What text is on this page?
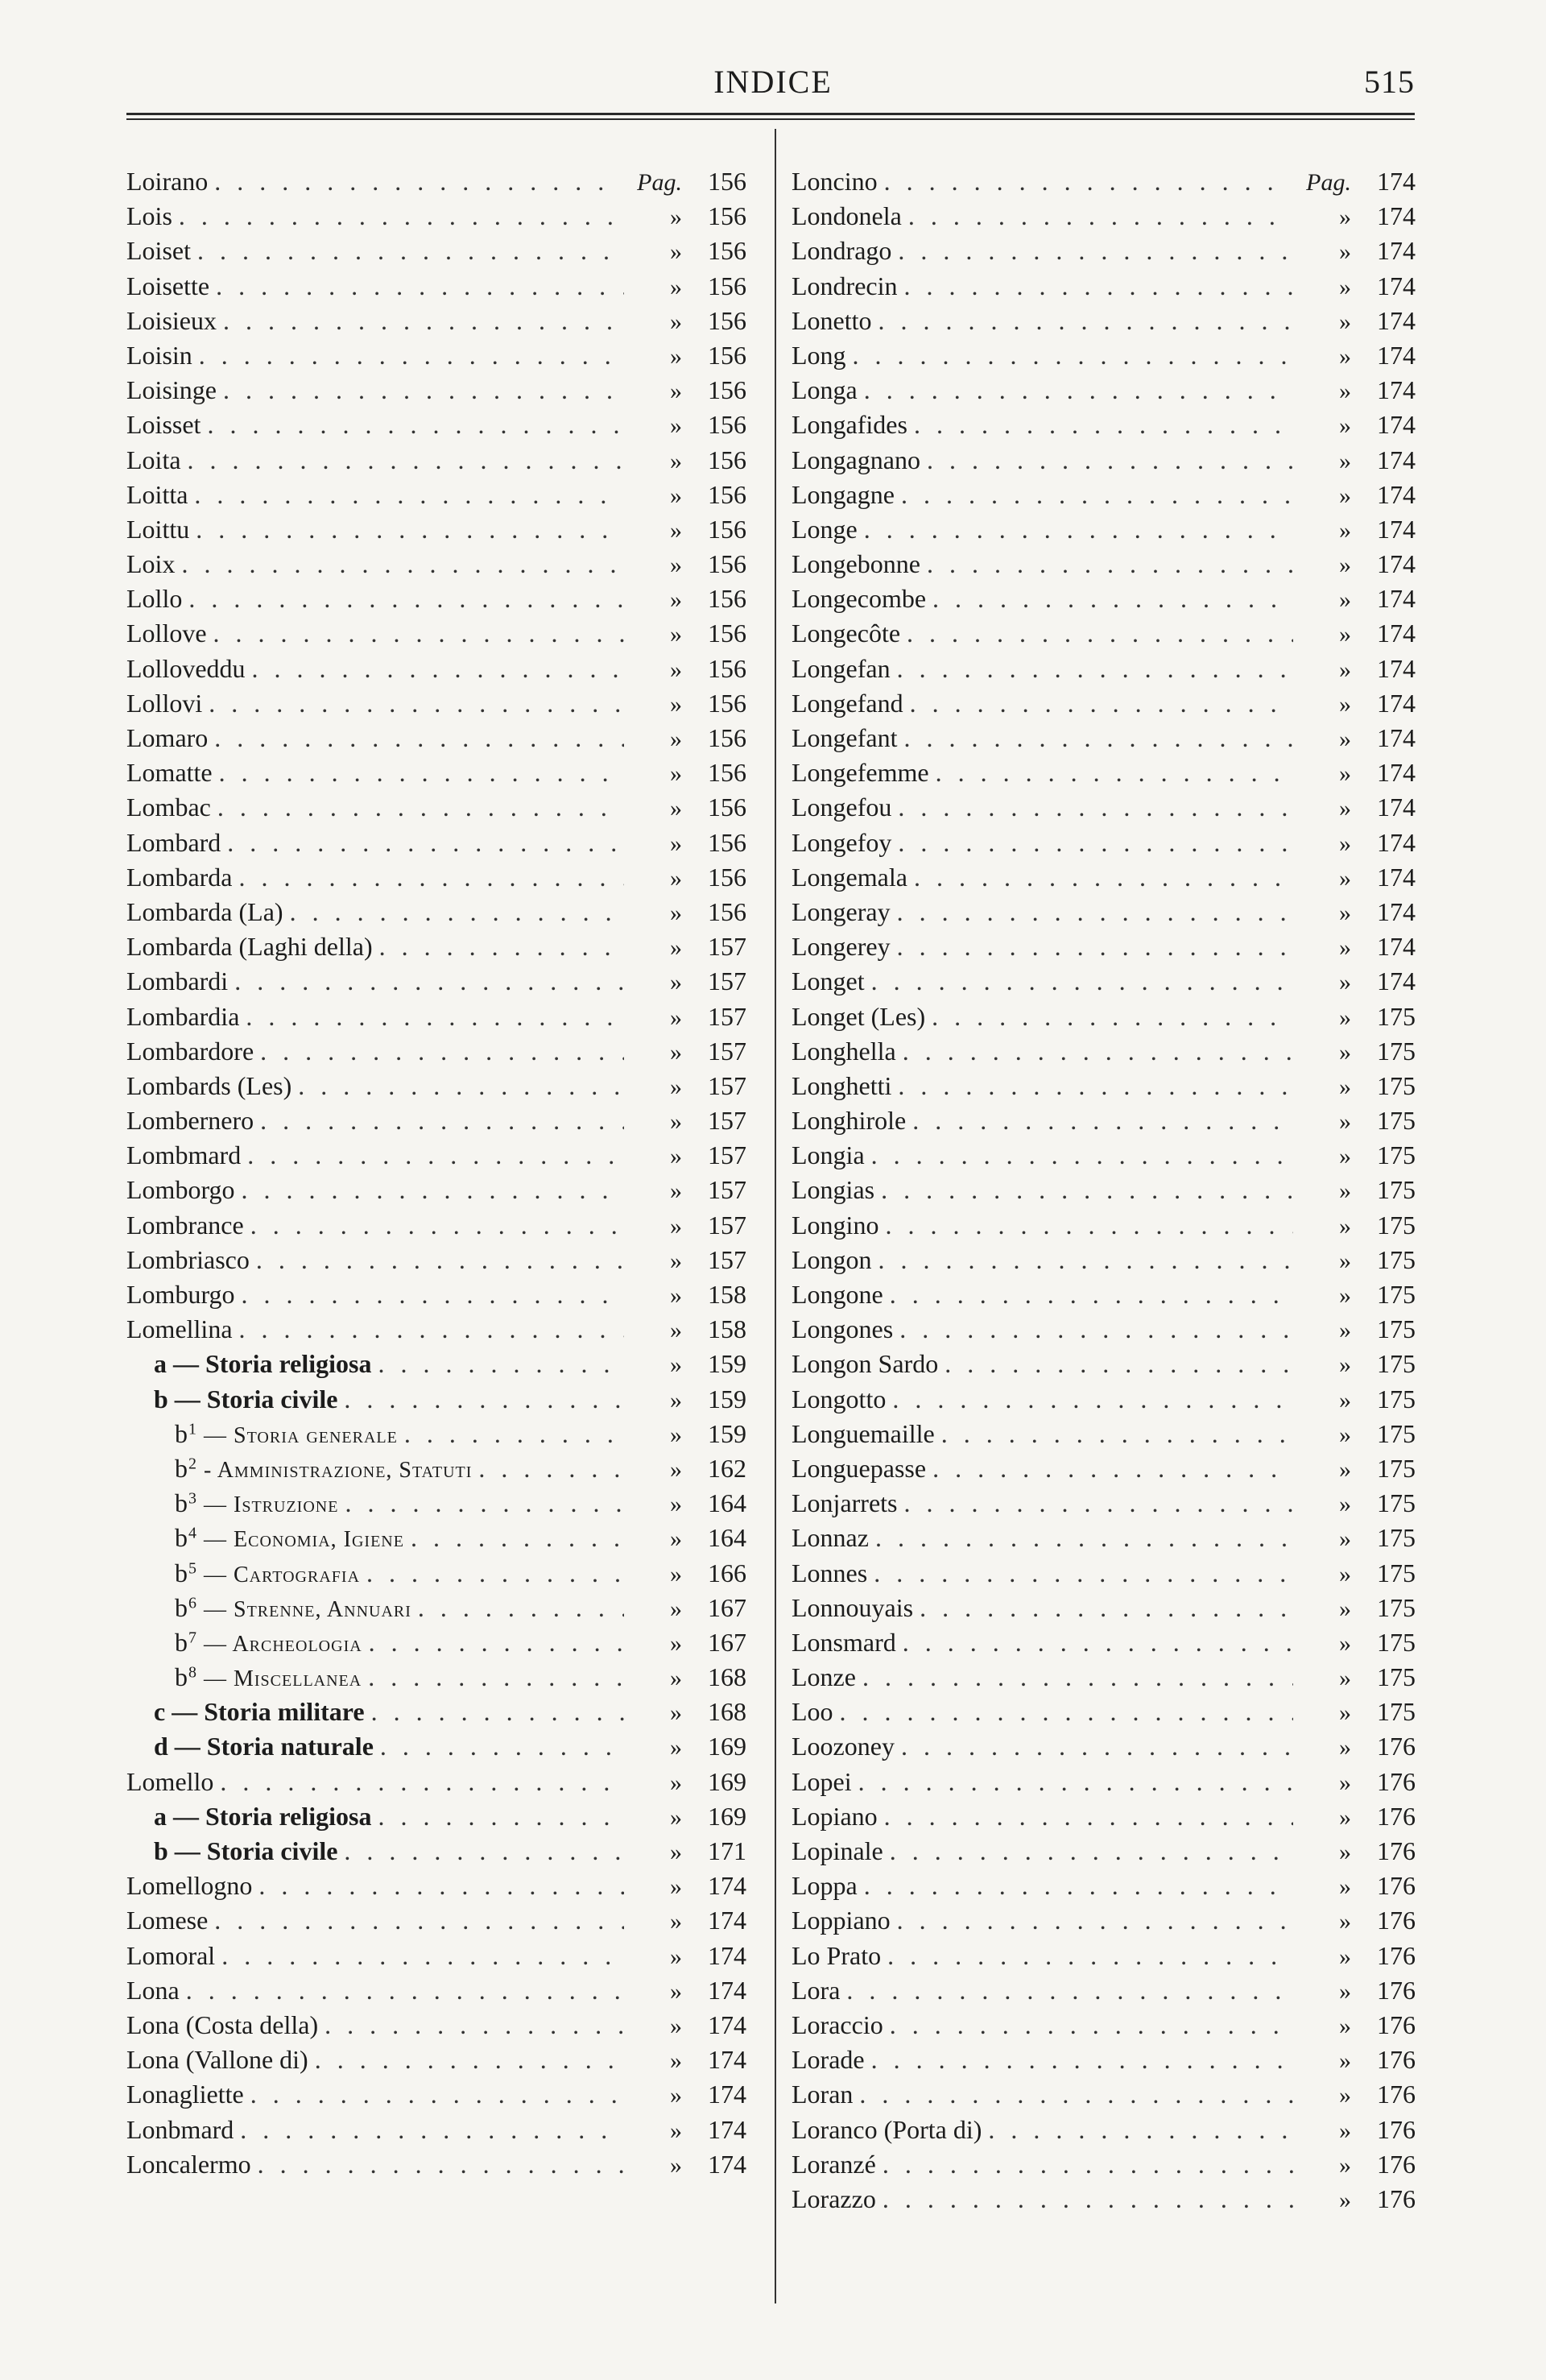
INDICE	515
Loirano . . .	Pag.	156
Lois . . .	»	156
Loiset . . .	»	156
Loisette . . .	»	156
Loisieux . . .	»	156
Loisin . . .	»	156
Loisinge . . .	»	156
Loisset . . .	»	156
Loita . . .	»	156
Loitta . . .	»	156
Loittu . . .	»	156
Loix . . .	»	156
Lollo . . .	»	156
Lollove . . .	»	156
Lolloveddu . . .	»	156
Lollovi . . .	»	156
Lomaro . . .	»	156
Lomatte . . .	»	156
Lombac . . .	»	156
Lombard . . .	»	156
Lombarda . . .	»	156
Lombarda (La) . . .	»	156
Lombarda (Laghi della) . . .	»	157
Lombardi . . .	»	157
Lombardia . . .	»	157
Lombardore . . .	»	157
Lombards (Les) . . .	»	157
Lombernero . . .	»	157
Lombmard . . .	»	157
Lomborgo . . .	»	157
Lombrance . . .	»	157
Lombriasco . . .	»	157
Lomburgo . . .	»	158
Lomellina . . .	»	158
a — Storia religiosa . . .	»	159
b — Storia civile . . .	»	159
$b^1$ — Storia generale . . .	»	159
$b^2$ - Amministrazione, Statuti . . .	»	162
$b^3$ — Istruzione . . .	»	164
$b^4$ — Economia, Igiene . . .	»	164
$b^5$ — Cartografia . . .	»	166
$b^6$ — Strenne, Annuari . . .	»	167
$b^7$ — Archeologia . . .	»	167
$b^8$ — Miscellanea . . .	»	168
c — Storia militare . . .	»	168
d — Storia naturale . . .	»	169
Lomello . . .	»	169
a — Storia religiosa . . .	»	169
b — Storia civile . . .	»	171
Lomellogno . . .	»	174
Lomese . . .	»	174
Lomoral . . .	»	174
Lona . . .	»	174
Lona (Costa della) . . .	»	174
Lona (Vallone di) . . .	»	174
Lonagliette . . .	»	174
Lonbmard . . .	»	174
Loncalermo . . .	»	174
Loncino . . .	Pag.	174
Londonela . . .	»	174
Londrago . . .	»	174
Londrecin . . .	»	174
Lonetto . . .	»	174
Long . . .	»	174
Longa . . .	»	174
Longafides . . .	»	174
Longagnano . . .	»	174
Longagne . . .	»	174
Longe . . .	»	174
Longebonne . . .	»	174
Longecombe . . .	»	174
Longecôte . . .	»	174
Longefan . . .	»	174
Longefand . . .	»	174
Longefant . . .	»	174
Longefemme . . .	»	174
Longefou . . .	»	174
Longefoy . . .	»	174
Longemala . . .	»	174
Longeray . . .	»	174
Longerey . . .	»	174
Longet . . .	»	174
Longet (Les) . . .	»	175
Longhella . . .	»	175
Longhetti . . .	»	175
Longhirole . . .	»	175
Longia . . .	»	175
Longias . . .	»	175
Longino . . .	»	175
Longon . . .	»	175
Longone . . .	»	175
Longones . . .	»	175
Longon Sardo . . .	»	175
Longotto . . .	»	175
Longuemaille . . .	»	175
Longuepasse . . .	»	175
Lonjarrets . . .	»	175
Lonnaz . . .	»	175
Lonnes . . .	»	175
Lonnouyais . . .	»	175
Lonsmard . . .	»	175
Lonze . . .	»	175
Loo . . .	»	175
Loozoney . . .	»	176
Lopei . . .	»	176
Lopiano . . .	»	176
Lopinale . . .	»	176
Loppa . . .	»	176
Loppiano . . .	»	176
Lo Prato . . .	»	176
Lora . . .	»	176
Loraccio . . .	»	176
Lorade . . .	»	176
Loran . . .	»	176
Loranco (Porta di) . . .	»	176
Loranzé . . .	»	176
Lorazzo . . .	»	176
